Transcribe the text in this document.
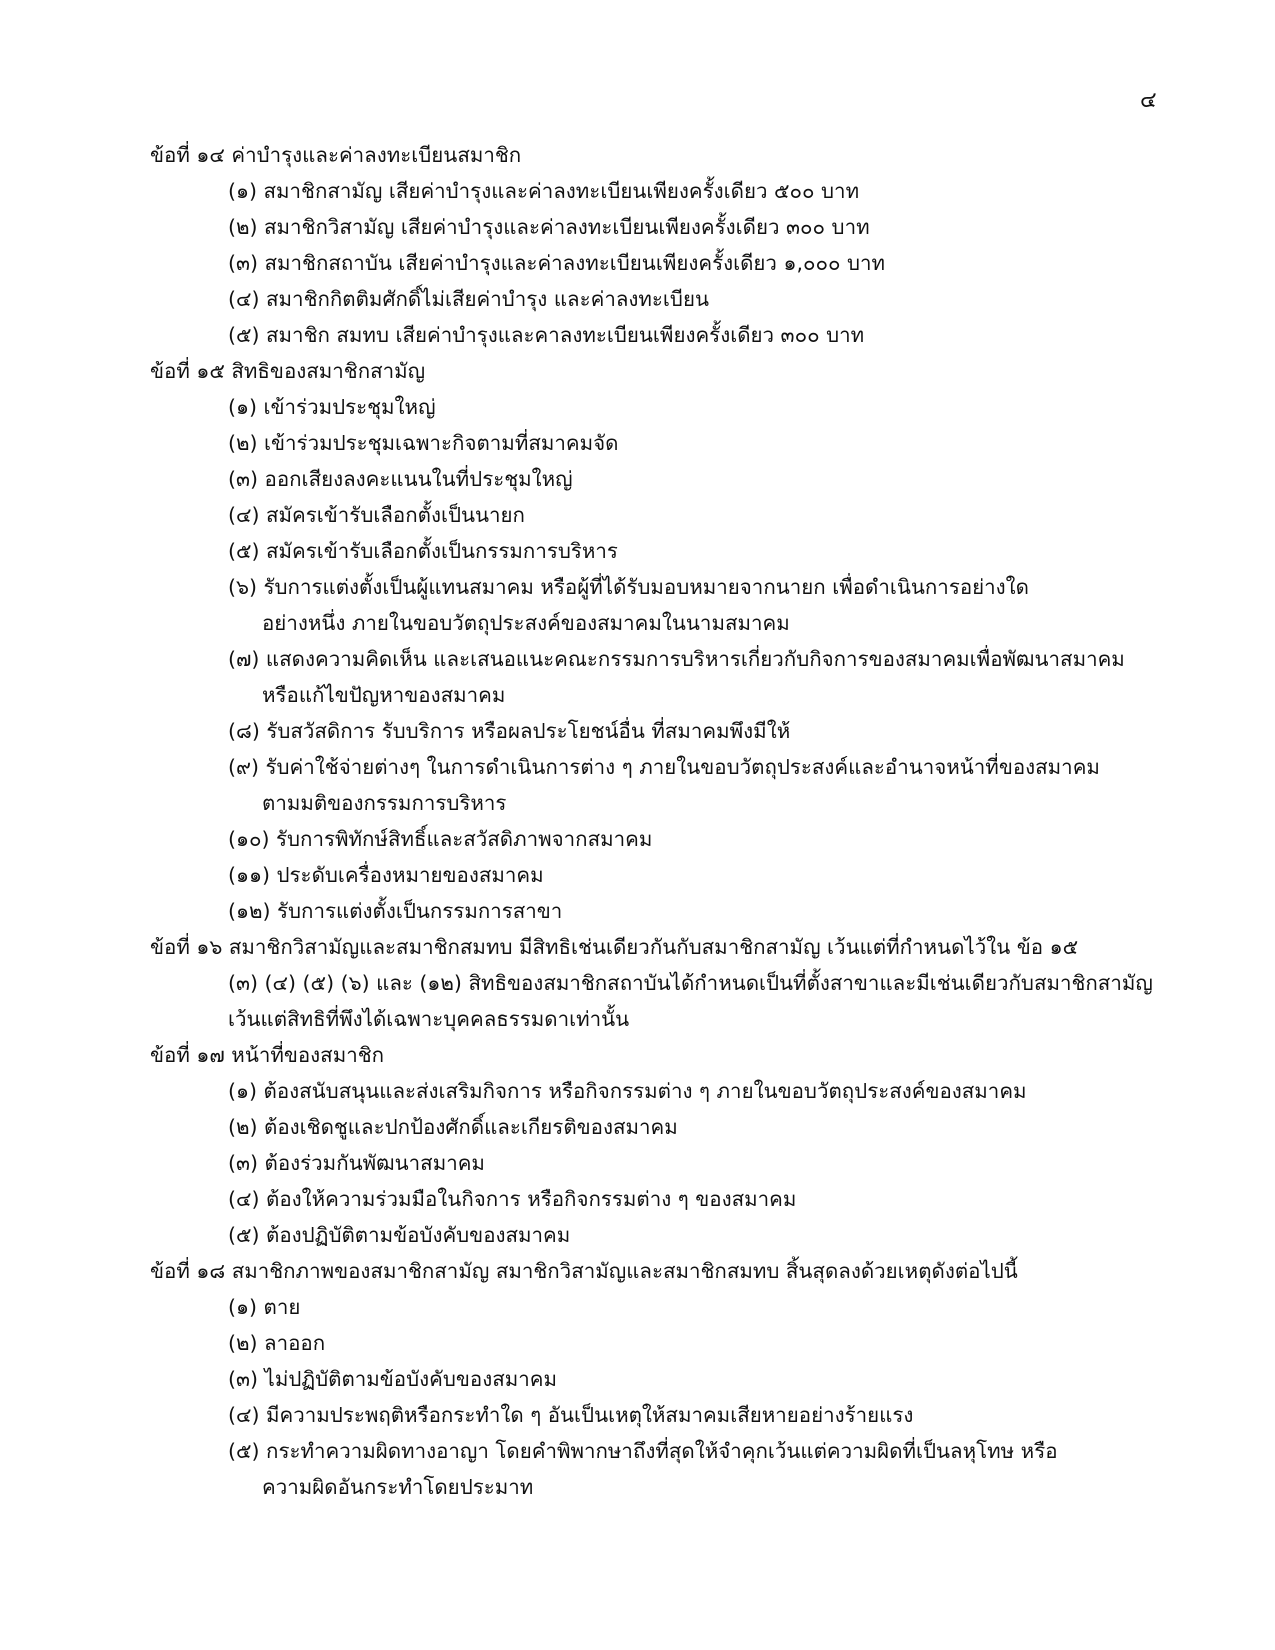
๔
ข้อที่ ๑๔ ค่าบำรุงและค่าลงทะเบียนสมาชิก
(๑) สมาชิกสามัญ เสียค่าบำรุงและค่าลงทะเบียนเพียงครั้งเดียว ๕๐๐ บาท
(๒) สมาชิกวิสามัญ เสียค่าบำรุงและค่าลงทะเบียนเพียงครั้งเดียว ๓๐๐ บาท
(๓) สมาชิกสถาบัน เสียค่าบำรุงและค่าลงทะเบียนเพียงครั้งเดียว ๑,๐๐๐ บาท
(๔) สมาชิกกิตติมศักดิ์ไม่เสียค่าบำรุง และค่าลงทะเบียน
(๕) สมาชิก สมทบ เสียค่าบำรุงและคาลงทะเบียนเพียงครั้งเดียว ๓๐๐ บาท
ข้อที่ ๑๕ สิทธิของสมาชิกสามัญ
(๑) เข้าร่วมประชุมใหญ่
(๒) เข้าร่วมประชุมเฉพาะกิจตามที่สมาคมจัด
(๓) ออกเสียงลงคะแนนในที่ประชุมใหญ่
(๔) สมัครเข้ารับเลือกตั้งเป็นนายก
(๕) สมัครเข้ารับเลือกตั้งเป็นกรรมการบริหาร
(๖) รับการแต่งตั้งเป็นผู้แทนสมาคม หรือผู้ที่ได้รับมอบหมายจากนายก เพื่อดำเนินการอย่างใด
อย่างหนึ่ง ภายในขอบวัตถุประสงค์ของสมาคมในนามสมาคม
(๗) แสดงความคิดเห็น และเสนอแนะคณะกรรมการบริหารเกี่ยวกับกิจการของสมาคมเพื่อพัฒนาสมาคม
หรือแก้ไขปัญหาของสมาคม
(๘) รับสวัสดิการ รับบริการ หรือผลประโยชน์อื่น ที่สมาคมพึงมีให้
(๙) รับค่าใช้จ่ายต่างๆ ในการดำเนินการต่าง ๆ ภายในขอบวัตถุประสงค์และอำนาจหน้าที่ของสมาคม
ตามมติของกรรมการบริหาร
(๑๐) รับการพิทักษ์สิทธิ์และสวัสดิภาพจากสมาคม
(๑๑) ประดับเครื่องหมายของสมาคม
(๑๒) รับการแต่งตั้งเป็นกรรมการสาขา
ข้อที่ ๑๖ สมาชิกวิสามัญและสมาชิกสมทบ มีสิทธิเช่นเดียวกันกับสมาชิกสามัญ เว้นแต่ที่กำหนดไว้ใน ข้อ ๑๕
(๓) (๔) (๕) (๖) และ (๑๒) สิทธิของสมาชิกสถาบันได้กำหนดเป็นที่ตั้งสาขาและมีเช่นเดียวกับสมาชิกสามัญ
เว้นแต่สิทธิที่พึงได้เฉพาะบุคคลธรรมดาเท่านั้น
ข้อที่ ๑๗ หน้าที่ของสมาชิก
(๑) ต้องสนับสนุนและส่งเสริมกิจการ หรือกิจกรรมต่าง ๆ ภายในขอบวัตถุประสงค์ของสมาคม
(๒) ต้องเชิดชูและปกป้องศักดิ์และเกียรติของสมาคม
(๓) ต้องร่วมกันพัฒนาสมาคม
(๔) ต้องให้ความร่วมมือในกิจการ หรือกิจกรรมต่าง ๆ ของสมาคม
(๕) ต้องปฏิบัติตามข้อบังคับของสมาคม
ข้อที่ ๑๘ สมาชิกภาพของสมาชิกสามัญ สมาชิกวิสามัญและสมาชิกสมทบ สิ้นสุดลงด้วยเหตุดังต่อไปนี้
(๑) ตาย
(๒) ลาออก
(๓) ไม่ปฏิบัติตามข้อบังคับของสมาคม
(๔) มีความประพฤติหรือกระทำใด ๆ อันเป็นเหตุให้สมาคมเสียหายอย่างร้ายแรง
(๕) กระทำความผิดทางอาญา โดยคำพิพากษาถึงที่สุดให้จำคุกเว้นแต่ความผิดที่เป็นลหุโทษ หรือ
ความผิดอันกระทำโดยประมาท
